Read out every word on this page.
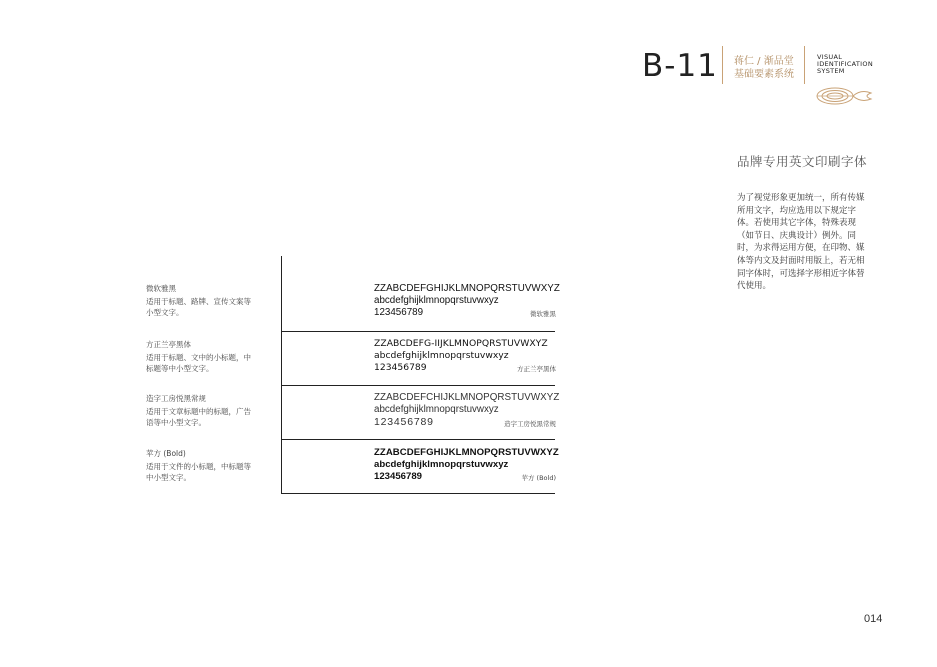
B-11 蒋仁 / 渐品堂
基础要素系统
VISUAL
IDENTIFICATION
SYSTEM
品牌专用英文印刷字体
为了视觉形象更加统一，所有传媒所用文字，均应选用以下规定字体。若使用其它字体，特殊表现（如节日、庆典设计）例外。同时，为求得运用方便，在印物、媒体等内文及封面时用版上，若无相同字体时，可选择字形相近字体替代使用。
微软雅黑
适用于标题、路牌、宣传文案等小型文字。
ZZABCDEFGHIJKLMNOPQRSTUVWXYZ
abcdefghijklmnopqrstuvwxyz
123456789	微软雅黑
方正兰亭黑体
适用于标题、文中的小标题，中标题等中小型文字。
ZZABCDEFG-IIJKLMNOPQRSTUVWXYZ
abcdefghijklmnopqrstuvwxyz
123456789	方正兰亭黑体
造字工房悦黑常规
适用于文章标题中的标题，广告语等中小型文字。
ZZABCDEFCHIJKLMNOPQRSTUVWXYZ
abcdefghijklmnopqrstuvwxyz
123456789	造字工房悦黑常规
苹方 (Bold)
适用于文件的小标题，中标题等中小型文字。
ZZABCDEFGHIJKLMNOPQRSTUVWXYZ
abcdefghijklmnopqrstuvwxyz
123456789	苹方 (Bold)
014
